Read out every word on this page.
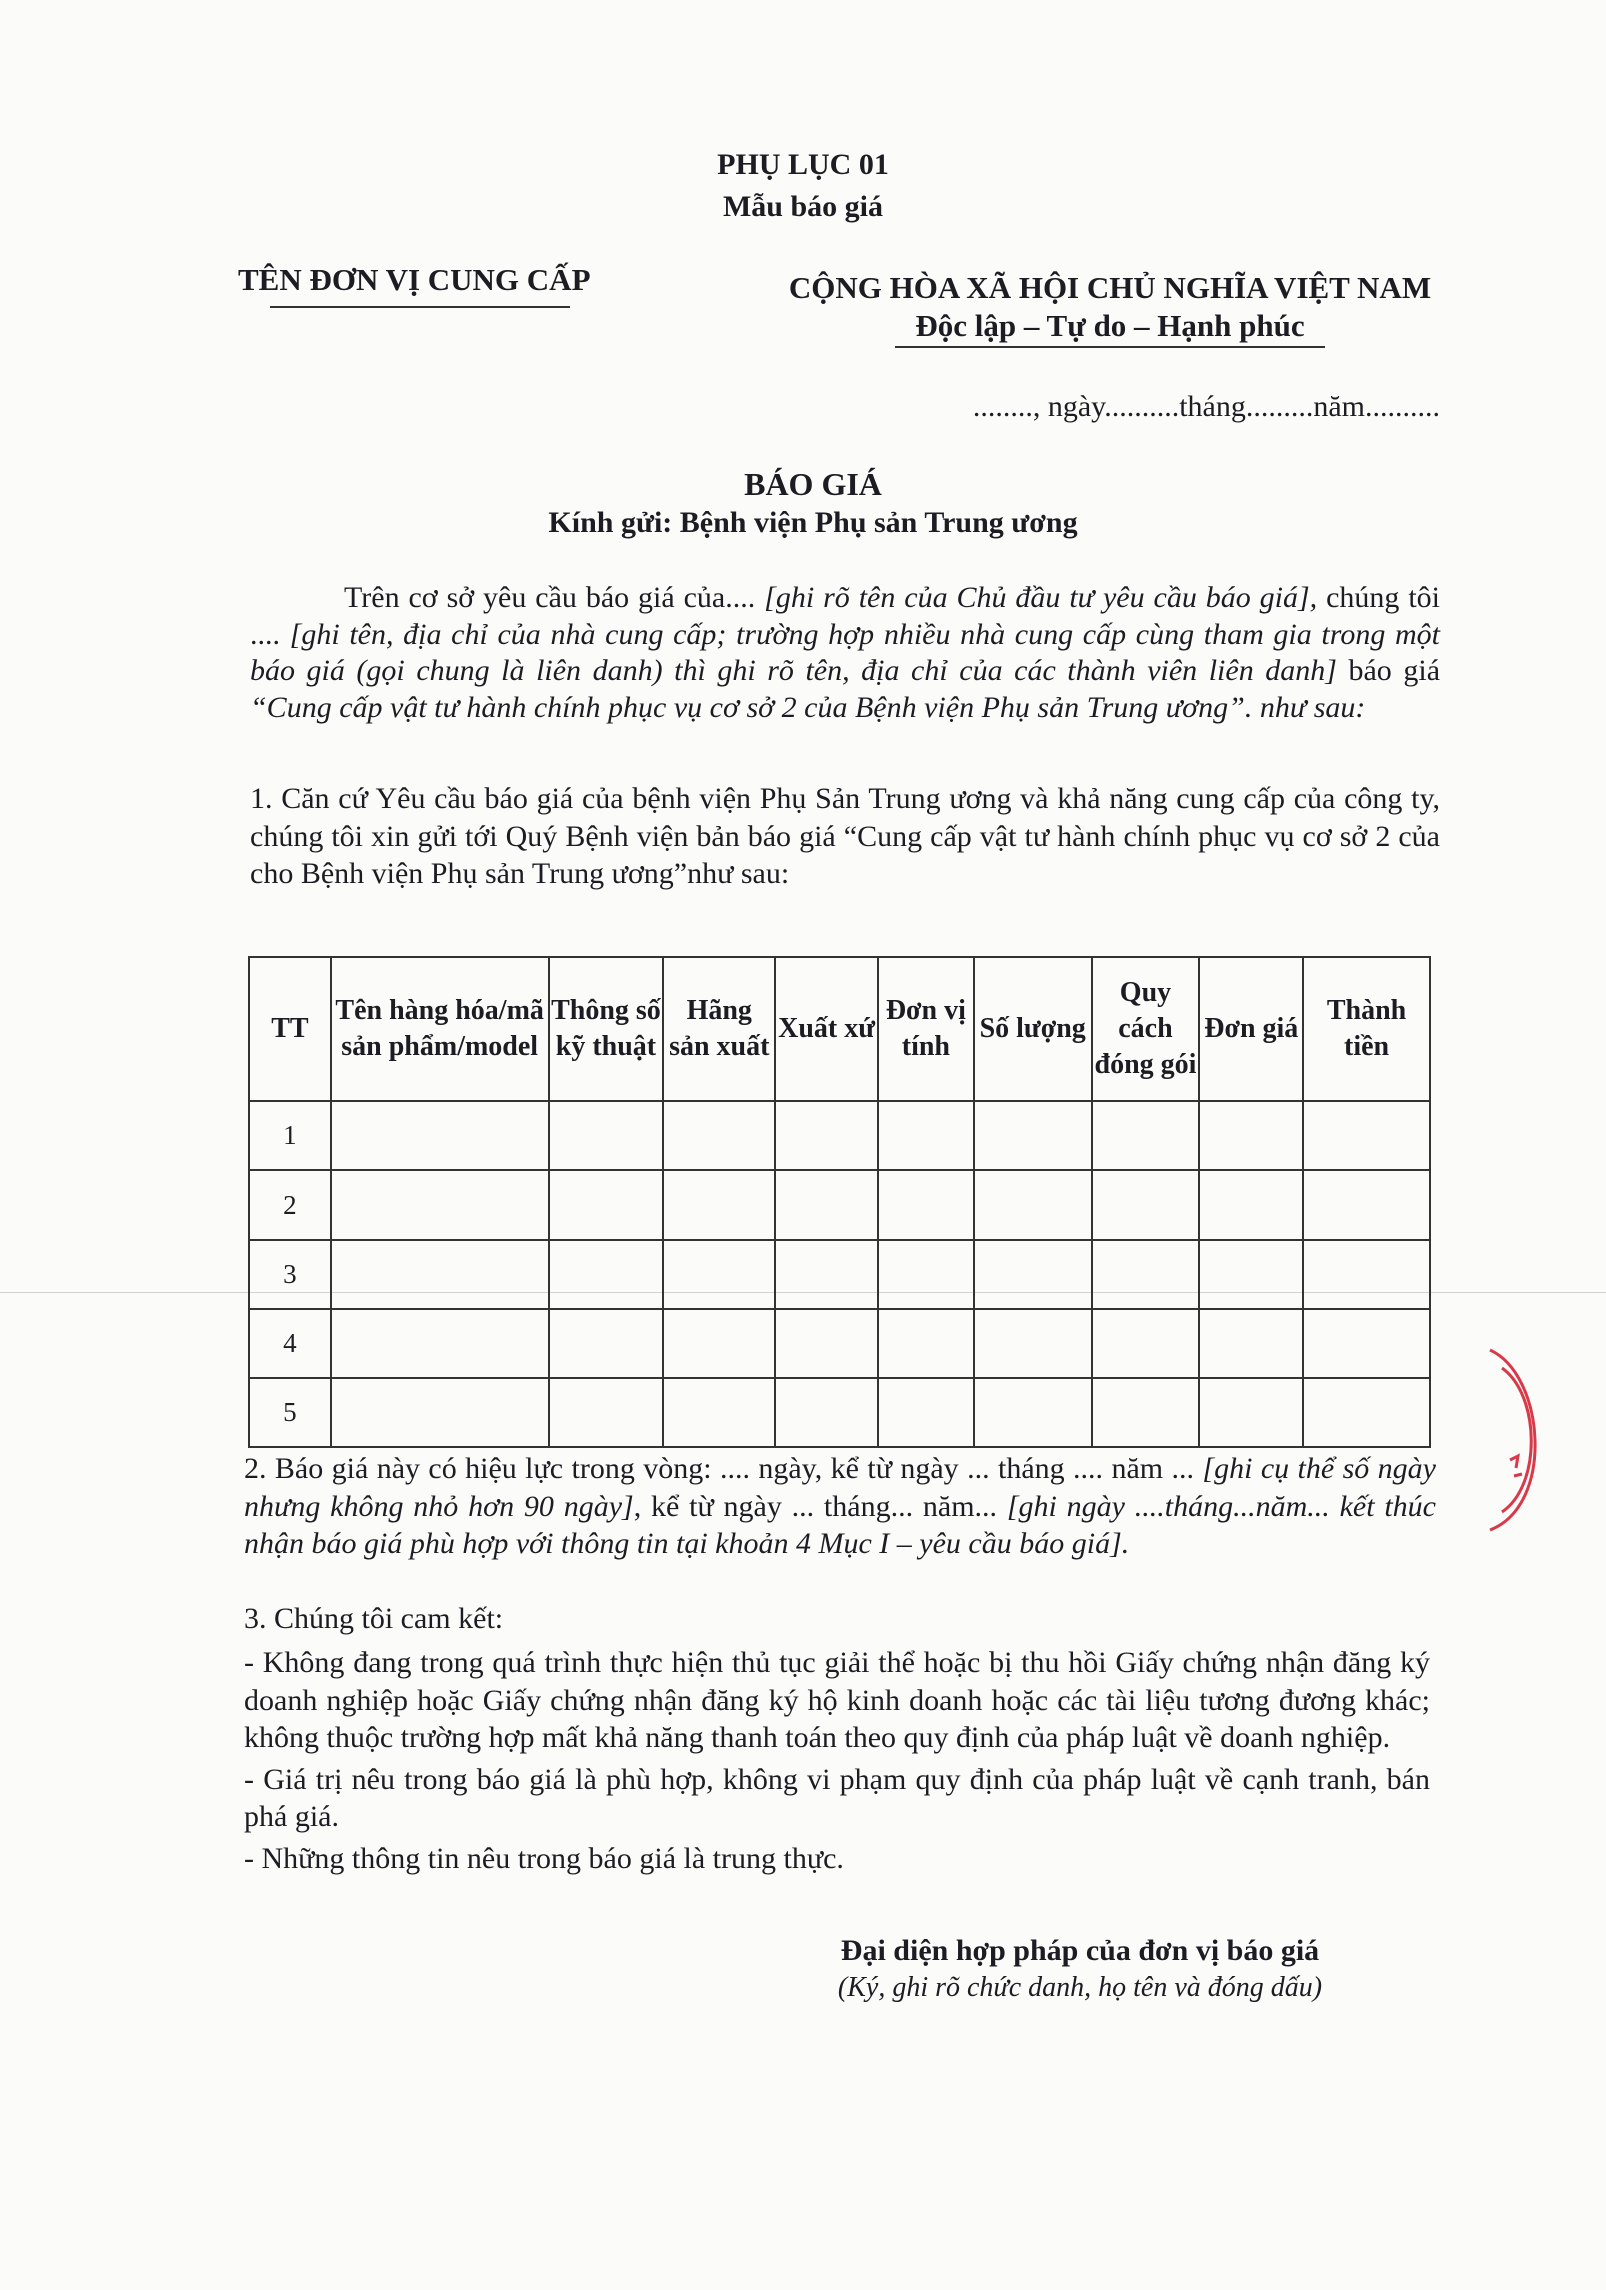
PHỤ LỤC 01
Mẫu báo giá
TÊN ĐƠN VỊ CUNG CẤP	CỘNG HÒA XÃ HỘI CHỦ NGHĨA VIỆT NAM
Độc lập – Tự do – Hạnh phúc
........, ngày..........tháng.........năm..........
BÁO GIÁ
Kính gửi: Bệnh viện Phụ sản Trung ương
Trên cơ sở yêu cầu báo giá của.... [ghi rõ tên của Chủ đầu tư yêu cầu báo giá], chúng tôi .... [ghi tên, địa chỉ của nhà cung cấp; trường hợp nhiều nhà cung cấp cùng tham gia trong một báo giá (gọi chung là liên danh) thì ghi rõ tên, địa chỉ của các thành viên liên danh] báo giá “Cung cấp vật tư hành chính phục vụ cơ sở 2 của Bệnh viện Phụ sản Trung ương”. như sau:
1. Căn cứ Yêu cầu báo giá của bệnh viện Phụ Sản Trung ương và khả năng cung cấp của công ty, chúng tôi xin gửi tới Quý Bệnh viện bản báo giá “Cung cấp vật tư hành chính phục vụ cơ sở 2 của cho Bệnh viện Phụ sản Trung ương”như sau:
TT	Tên hàng hóa/mã sản phẩm/model	Thông số kỹ thuật	Hãng sản xuất	Xuất xứ	Đơn vị tính	Số lượng	Quy cách đóng gói	Đơn giá	Thành tiền
1									
2									
3									
4									
5									
2. Báo giá này có hiệu lực trong vòng: .... ngày, kể từ ngày ... tháng .... năm ... [ghi cụ thể số ngày nhưng không nhỏ hơn 90 ngày], kể từ ngày ... tháng... năm... [ghi ngày ....tháng...năm... kết thúc nhận báo giá phù hợp với thông tin tại khoản 4 Mục I – yêu cầu báo giá].
3. Chúng tôi cam kết:

- Không đang trong quá trình thực hiện thủ tục giải thể hoặc bị thu hồi Giấy chứng nhận đăng ký doanh nghiệp hoặc Giấy chứng nhận đăng ký hộ kinh doanh hoặc các tài liệu tương đương khác; không thuộc trường hợp mất khả năng thanh toán theo quy định của pháp luật về doanh nghiệp.

- Giá trị nêu trong báo giá là phù hợp, không vi phạm quy định của pháp luật về cạnh tranh, bán phá giá.

- Những thông tin nêu trong báo giá là trung thực.

Đại diện hợp pháp của đơn vị báo giá
(Ký, ghi rõ chức danh, họ tên và đóng dấu)
